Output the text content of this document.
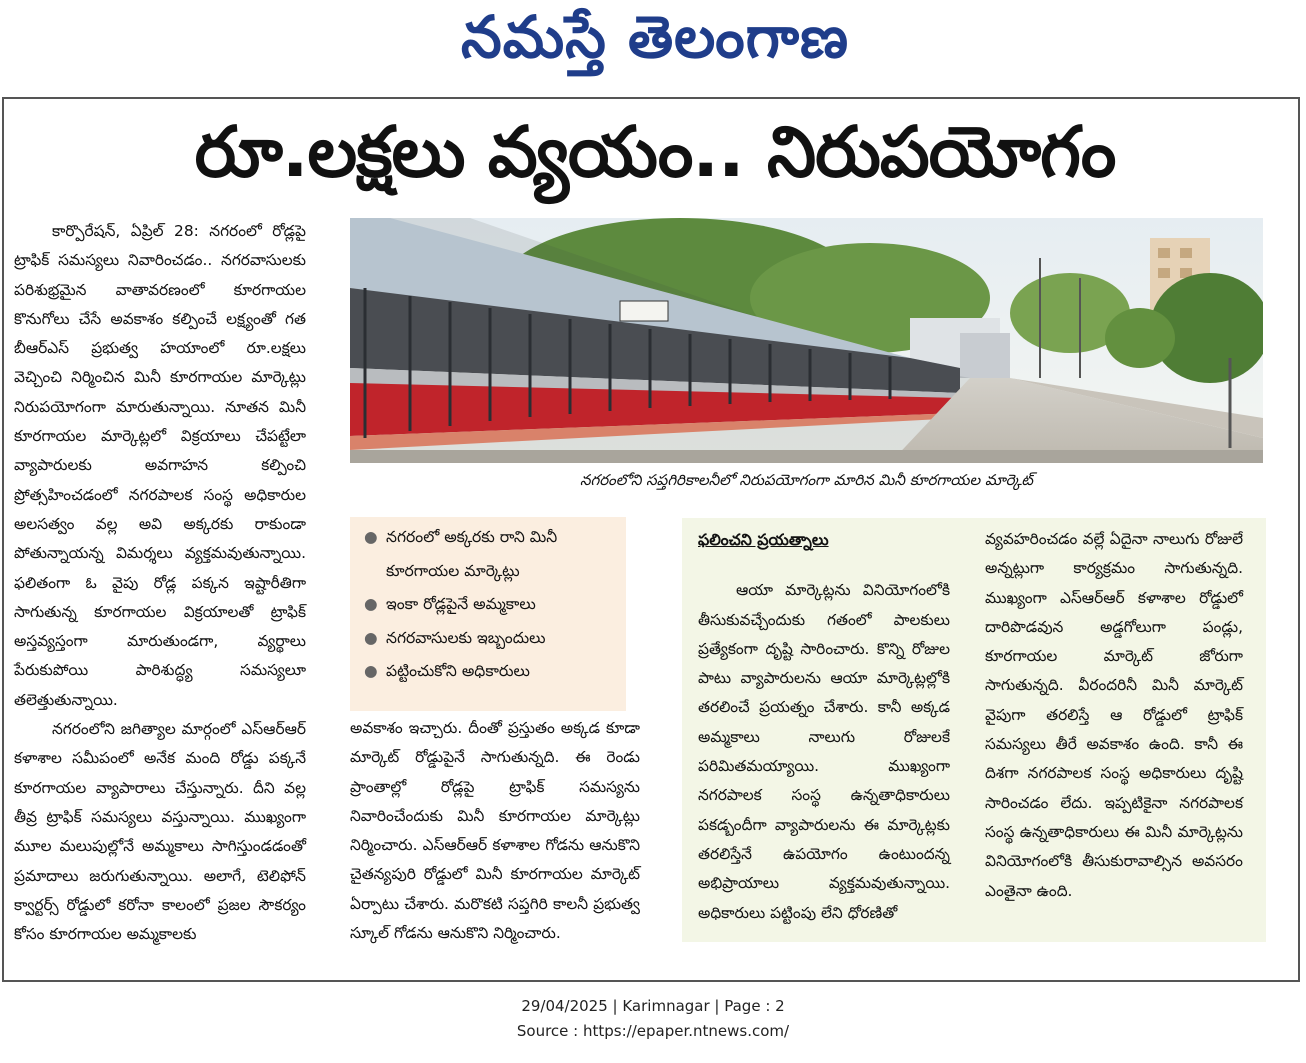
నమస్తే తెలంగాణ
రూ.లక్షలు వ్యయం.. నిరుపయోగం

కార్పొరేషన్, ఏప్రిల్ 28: నగరంలో రోడ్లపై ట్రాఫిక్ సమస్యలు నివారించడం.. నగరవాసులకు పరిశుభ్రమైన వాతావరణంలో కూరగాయల కొనుగోలు చేసే అవకాశం కల్పించే లక్ష్యంతో గత బీఆర్ఎస్ ప్రభుత్వ హయాంలో రూ.లక్షలు వెచ్చించి నిర్మించిన మినీ కూరగాయల మార్కెట్లు నిరుపయోగంగా మారుతున్నాయి. నూతన మినీ కూరగాయల మార్కెట్లలో విక్రయాలు చేపట్టేలా వ్యాపారులకు అవగాహన కల్పించి ప్రోత్సహించడంలో నగరపాలక సంస్థ అధికారుల అలసత్వం వల్ల అవి అక్కరకు రాకుండా పోతున్నాయన్న విమర్శలు వ్యక్తమవుతున్నాయి. ఫలితంగా ఓ వైపు రోడ్ల పక్కన ఇష్టారీతిగా సాగుతున్న కూరగాయల విక్రయాలతో ట్రాఫిక్ అస్తవ్యస్తంగా మారుతుండగా, వ్యర్థాలు పేరుకుపోయి పారిశుద్ధ్య సమస్యలూ తలెత్తుతున్నాయి.

నగరంలోని జగిత్యాల మార్గంలో ఎస్ఆర్ఆర్ కళాశాల సమీపంలో అనేక మంది రోడ్డు పక్కనే కూరగాయల వ్యాపారాలు చేస్తున్నారు. దీని వల్ల తీవ్ర ట్రాఫిక్ సమస్యలు వస్తున్నాయి. ముఖ్యంగా మూల మలుపుల్లోనే అమ్మకాలు సాగిస్తుండడంతో ప్రమాదాలు జరుగుతున్నాయి. అలాగే, టెలిఫోన్ క్వార్టర్స్ రోడ్డులో కరోనా కాలంలో ప్రజల సౌకర్యం కోసం కూరగాయల అమ్మకాలకు

నగరంలోని సప్తగిరికాలనీలో నిరుపయోగంగా మారిన మినీ కూరగాయల మార్కెట్
● నగరంలో అక్కరకు రాని మినీ కూరగాయల మార్కెట్లు
● ఇంకా రోడ్లపైనే అమ్మకాలు
● నగరవాసులకు ఇబ్బందులు
● పట్టించుకోని అధికారులు

అవకాశం ఇచ్చారు. దీంతో ప్రస్తుతం అక్కడ కూడా మార్కెట్ రోడ్డుపైనే సాగుతున్నది. ఈ రెండు ప్రాంతాల్లో రోడ్లపై ట్రాఫిక్ సమస్యను నివారించేందుకు మినీ కూరగాయల మార్కెట్లు నిర్మించారు. ఎస్ఆర్ఆర్ కళాశాల గోడను ఆనుకొని చైతన్యపురి రోడ్డులో మినీ కూరగాయల మార్కెట్ ఏర్పాటు చేశారు. మరొకటి సప్తగిరి కాలనీ ప్రభుత్వ స్కూల్ గోడను ఆనుకొని నిర్మించారు.

ఫలించని ప్రయత్నాలు

ఆయా మార్కెట్లను వినియోగంలోకి తీసుకువచ్చేందుకు గతంలో పాలకులు ప్రత్యేకంగా దృష్టి సారించారు. కొన్ని రోజుల పాటు వ్యాపారులను ఆయా మార్కెట్లల్లోకి తరలించే ప్రయత్నం చేశారు. కానీ అక్కడ అమ్మకాలు నాలుగు రోజులకే పరిమితమయ్యాయి. ముఖ్యంగా నగరపాలక సంస్థ ఉన్నతాధికారులు పకడ్బందీగా వ్యాపారులను ఈ మార్కెట్లకు తరలిస్తేనే ఉపయోగం ఉంటుందన్న అభిప్రాయాలు వ్యక్తమవుతున్నాయి. అధికారులు పట్టింపు లేని ధోరణితో

వ్యవహరించడం వల్లే ఏదైనా నాలుగు రోజులే అన్నట్లుగా కార్యక్రమం సాగుతున్నది. ముఖ్యంగా ఎస్ఆర్ఆర్ కళాశాల రోడ్డులో దారిపొడవున అడ్డగోలుగా పండ్లు, కూరగాయల మార్కెట్ జోరుగా సాగుతున్నది. వీరందరినీ మినీ మార్కెట్ వైపుగా తరలిస్తే ఆ రోడ్డులో ట్రాఫిక్ సమస్యలు తీరే అవకాశం ఉంది. కానీ ఈ దిశగా నగరపాలక సంస్థ అధికారులు దృష్టి సారించడం లేదు. ఇప్పటికైనా నగరపాలక సంస్థ ఉన్నతాధికారులు ఈ మినీ మార్కెట్లను వినియోగంలోకి తీసుకురావాల్సిన అవసరం ఎంతైనా ఉంది.

29/04/2025 | Karimnagar | Page : 2
Source : https://epaper.ntnews.com/
